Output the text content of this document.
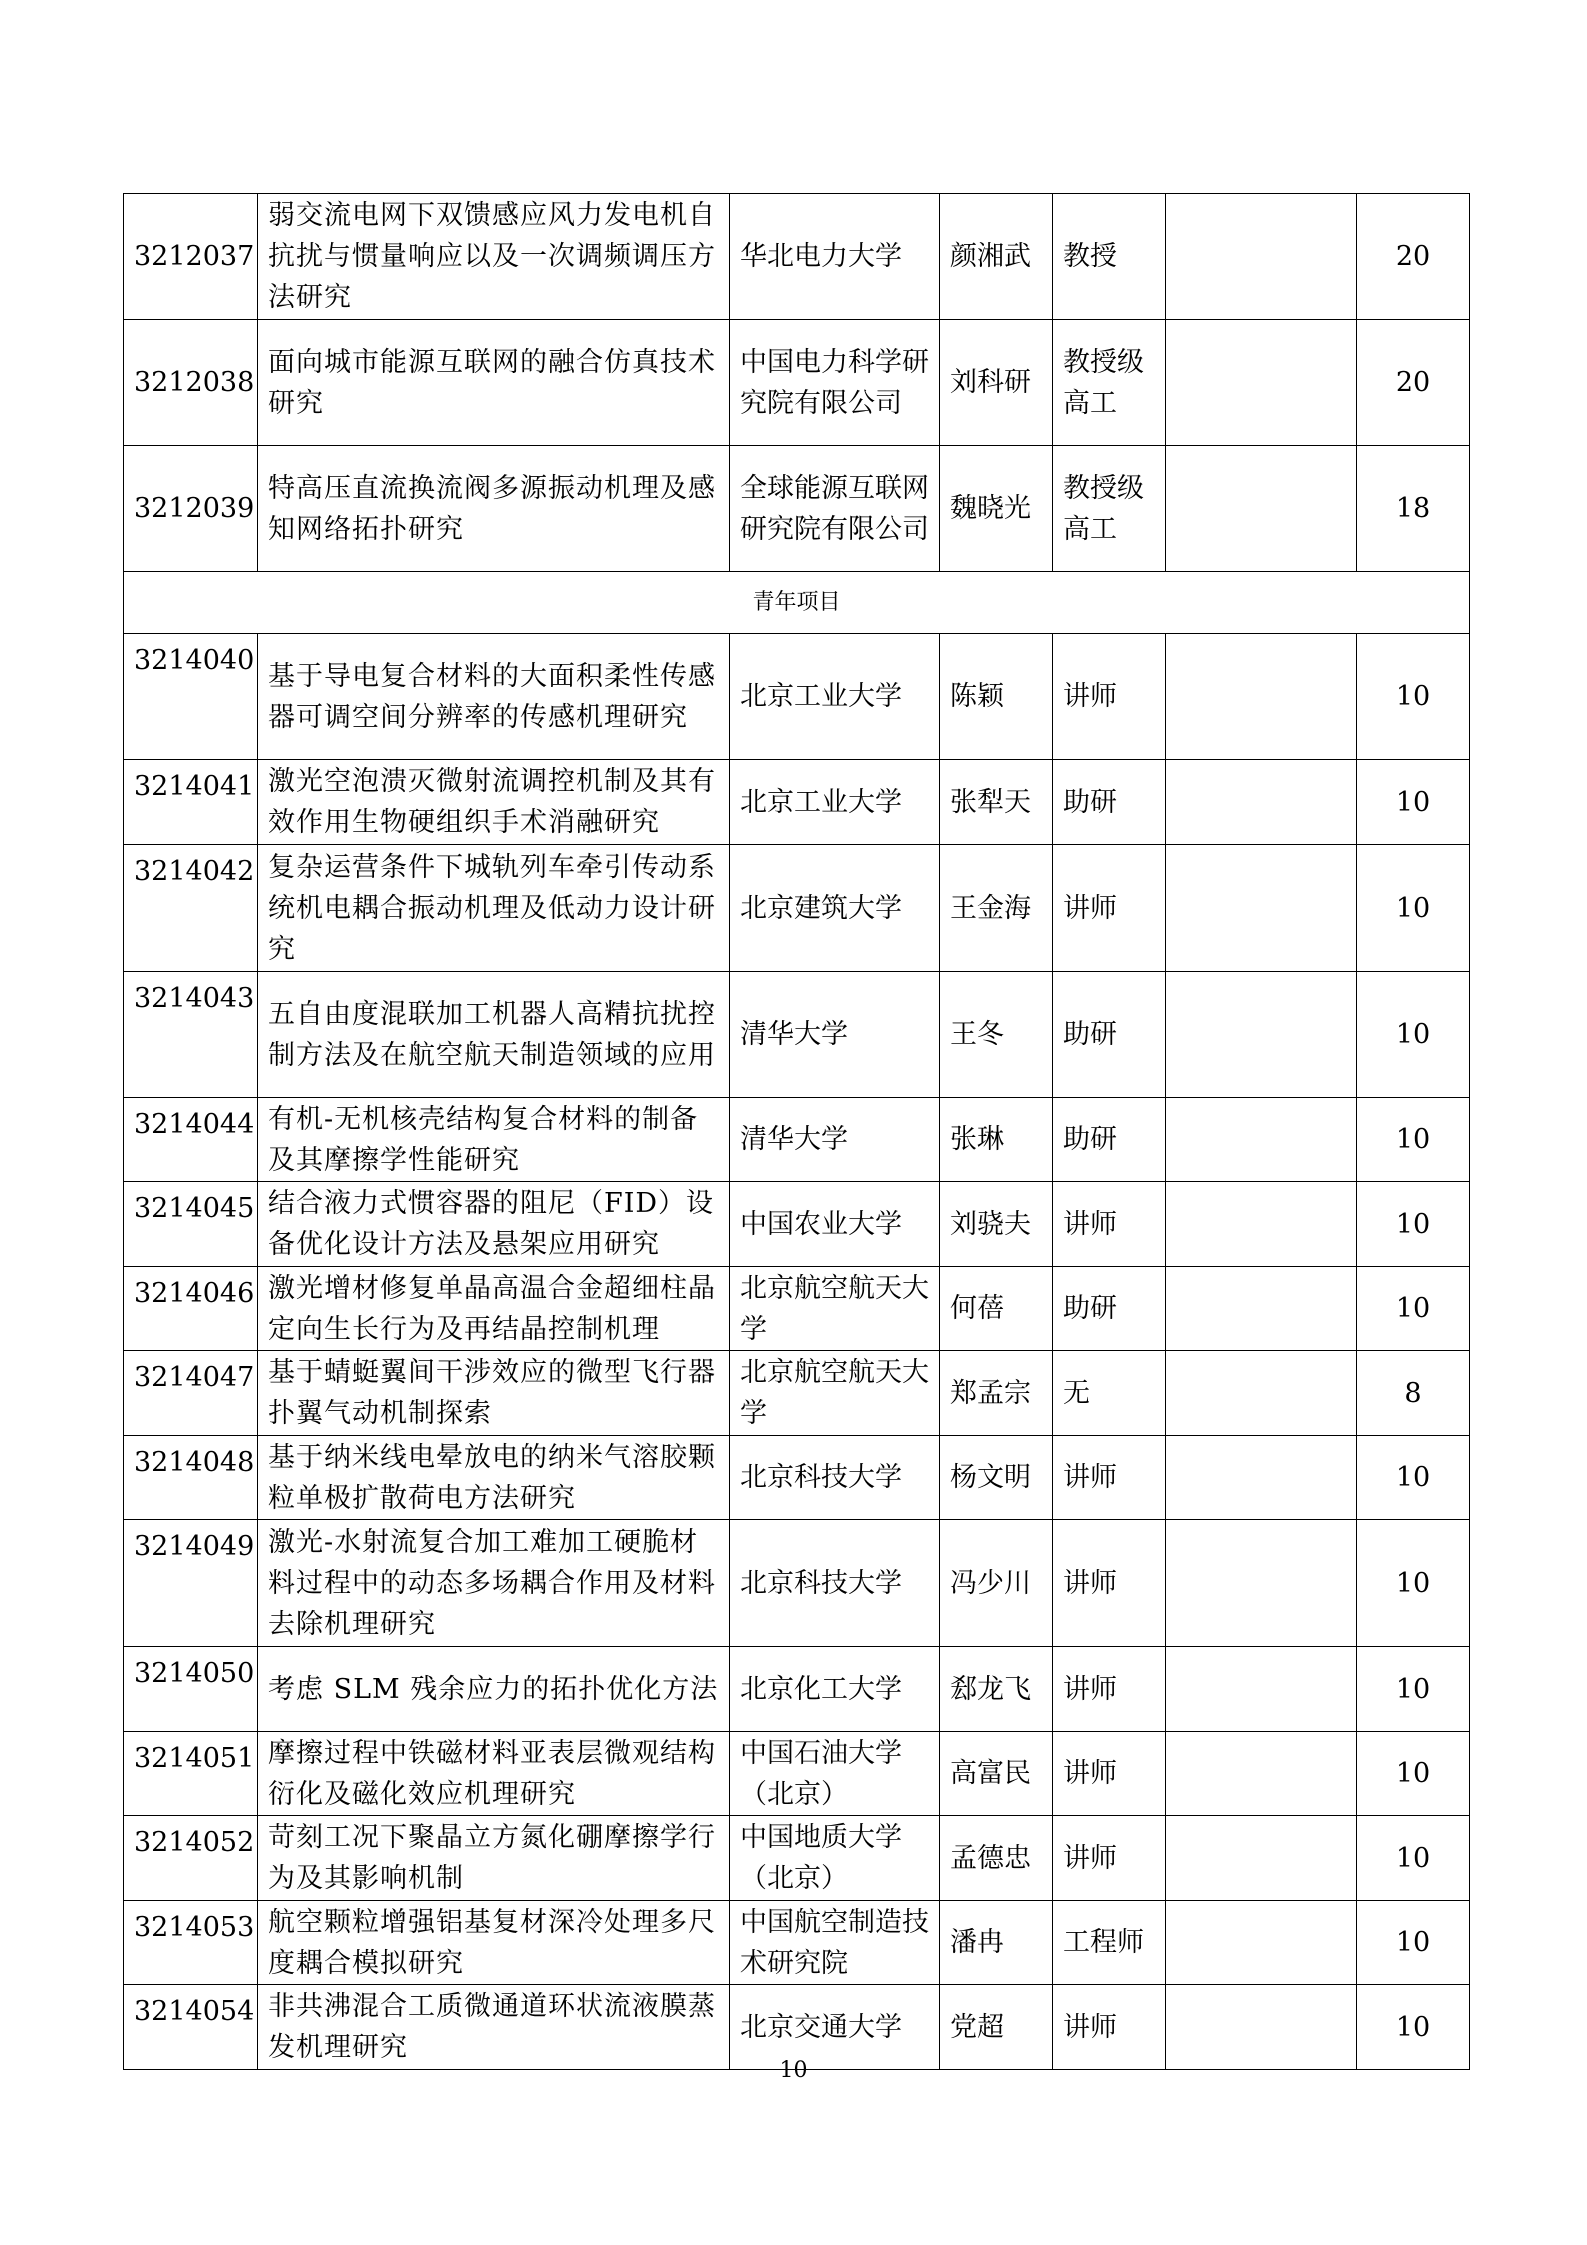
3212037	弱交流电网下双馈感应风力发电机自抗扰与惯量响应以及一次调频调压方法研究	华北电力大学	颜湘武	教授		20
3212038	面向城市能源互联网的融合仿真技术研究	中国电力科学研究院有限公司	刘科研	教授级高工		20
3212039	特高压直流换流阀多源振动机理及感知网络拓扑研究	全球能源互联网研究院有限公司	魏晓光	教授级高工		18
青年项目						
3214040	基于导电复合材料的大面积柔性传感器可调空间分辨率的传感机理研究	北京工业大学	陈颖	讲师		10
3214041	激光空泡溃灭微射流调控机制及其有效作用生物硬组织手术消融研究	北京工业大学	张犁天	助研		10
3214042	复杂运营条件下城轨列车牵引传动系统机电耦合振动机理及低动力设计研究	北京建筑大学	王金海	讲师		10
3214043	五自由度混联加工机器人高精抗扰控制方法及在航空航天制造领域的应用	清华大学	王冬	助研		10
3214044	有机-无机核壳结构复合材料的制备及其摩擦学性能研究	清华大学	张琳	助研		10
3214045	结合液力式惯容器的阻尼（FID）设备优化设计方法及悬架应用研究	中国农业大学	刘骁夫	讲师		10
3214046	激光增材修复单晶高温合金超细柱晶定向生长行为及再结晶控制机理	北京航空航天大学	何蓓	助研		10
3214047	基于蜻蜓翼间干涉效应的微型飞行器扑翼气动机制探索	北京航空航天大学	郑孟宗	无		8
3214048	基于纳米线电晕放电的纳米气溶胶颗粒单极扩散荷电方法研究	北京科技大学	杨文明	讲师		10
3214049	激光-水射流复合加工难加工硬脆材料过程中的动态多场耦合作用及材料去除机理研究	北京科技大学	冯少川	讲师		10
3214050	考虑 SLM 残余应力的拓扑优化方法	北京化工大学	郄龙飞	讲师		10
3214051	摩擦过程中铁磁材料亚表层微观结构衍化及磁化效应机理研究	中国石油大学（北京）	高富民	讲师		10
3214052	苛刻工况下聚晶立方氮化硼摩擦学行为及其影响机制	中国地质大学（北京）	孟德忠	讲师		10
3214053	航空颗粒增强铝基复材深冷处理多尺度耦合模拟研究	中国航空制造技术研究院	潘冉	工程师		10
3214054	非共沸混合工质微通道环状流液膜蒸发机理研究	北京交通大学	党超	讲师		10
10
